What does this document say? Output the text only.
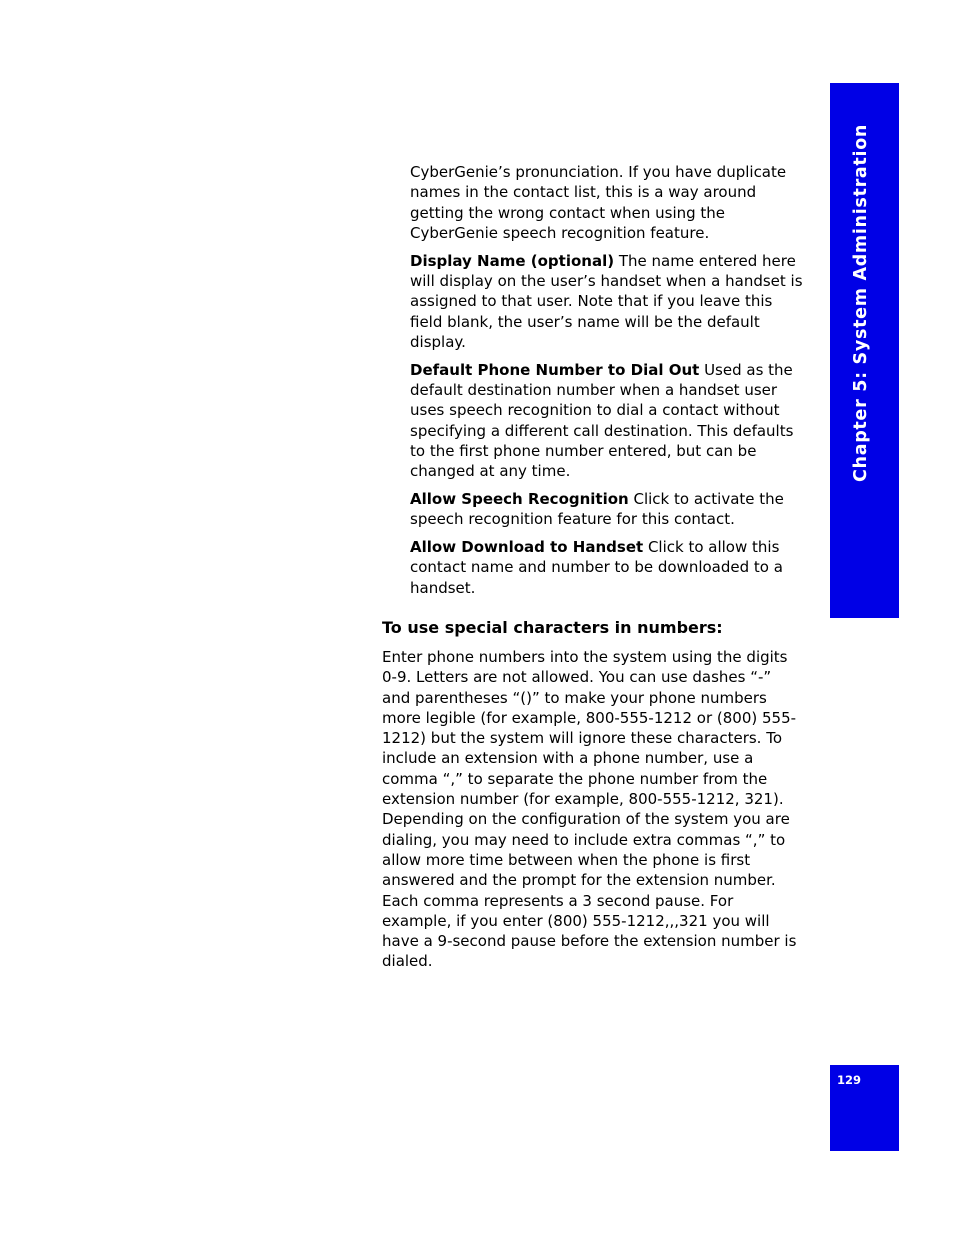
Chapter 5: System Administration
129

CyberGenie’s pronunciation. If you have duplicate names in the contact list, this is a way around getting the wrong contact when using the CyberGenie speech recognition feature.

Display Name (optional) The name entered here will display on the user’s handset when a handset is assigned to that user. Note that if you leave this field blank, the user’s name will be the default display.

Default Phone Number to Dial Out Used as the default destination number when a handset user uses speech recognition to dial a contact without specifying a different call destination. This defaults to the first phone number entered, but can be changed at any time.

Allow Speech Recognition Click to activate the speech recognition feature for this contact.

Allow Download to Handset Click to allow this contact name and number to be downloaded to a handset.

To use special characters in numbers:

Enter phone numbers into the system using the digits 0-9. Letters are not allowed. You can use dashes “-” and parentheses “()” to make your phone numbers more legible (for example, 800-555-1212 or (800) 555-1212) but the system will ignore these characters. To include an extension with a phone number, use a comma “,” to separate the phone number from the extension number (for example, 800-555-1212, 321). Depending on the configuration of the system you are dialing, you may need to include extra commas “,” to allow more time between when the phone is first answered and the prompt for the extension number. Each comma represents a 3 second pause. For example, if you enter (800) 555-1212,,,321 you will have a 9-second pause before the extension number is dialed.
